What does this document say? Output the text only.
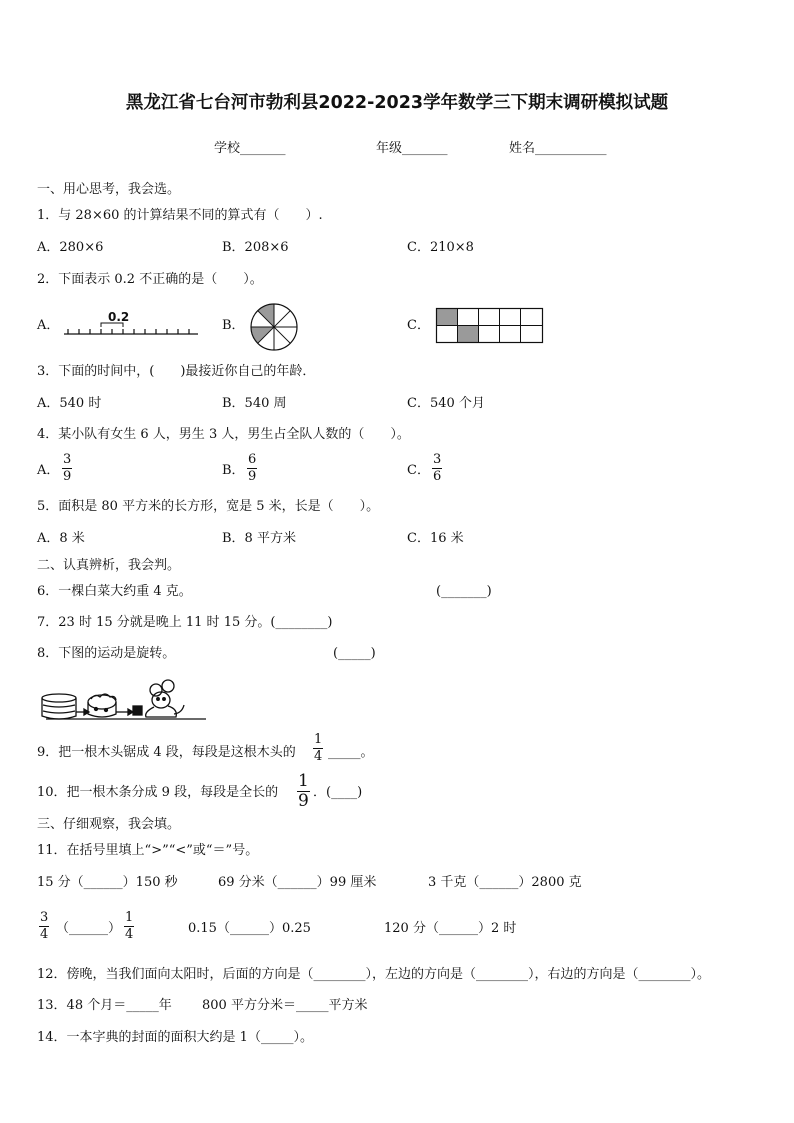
黑龙江省七台河市勃利县2022-2023学年数学三下期末调研模拟试题
学校_______	年级_______	姓名___________
一、用心思考，我会选。
1．与 28×60 的计算结果不同的算式有（　　）.
A．280×6	B．208×6	C．210×8
2．下面表示 0.2 不正确的是（　　）。
A．
0.2
B．	C．
3．下面的时间中，(　　)最接近你自己的年龄．
A．540 时	B．540 周	C．540 个月
4．某小队有女生 6 人，男生 3 人，男生占全队人数的（　　）。
A． $\frac{3}{9}$	B． $\frac{6}{9}$	C． $\frac{3}{6}$
5．面积是 80 平方米的长方形，宽是 5 米，长是（　　）。
A．8 米	B．8 平方米	C．16 米
二、认真辨析，我会判。
6．一棵白菜大约重 4 克。	(_______)
7．23 时 15 分就是晚上 11 时 15 分。(________)
8．下图的运动是旋转。	(_____)
9．把一根木头锯成 4 段，每段是这根木头的 $\frac{1}{4}$ _____。
10．把一根木条分成 9 段，每段是全长的 $\frac{1}{9}$ ．(____)
三、仔细观察，我会填。
11．在括号里填上“>”“<”或“＝”号。
15 分（______）150 秒	69 分米（______）99 厘米	3 千克（______）2800 克
$\frac{3}{4}$ （______） $\frac{1}{4}$	0.15（______）0.25	120 分（______）2 时
12．傍晚，当我们面向太阳时，后面的方向是（________），左边的方向是（________），右边的方向是（________）。
13．48 个月＝_____年 800 平方分米＝_____平方米
14．一本字典的封面的面积大约是 1（_____）。
